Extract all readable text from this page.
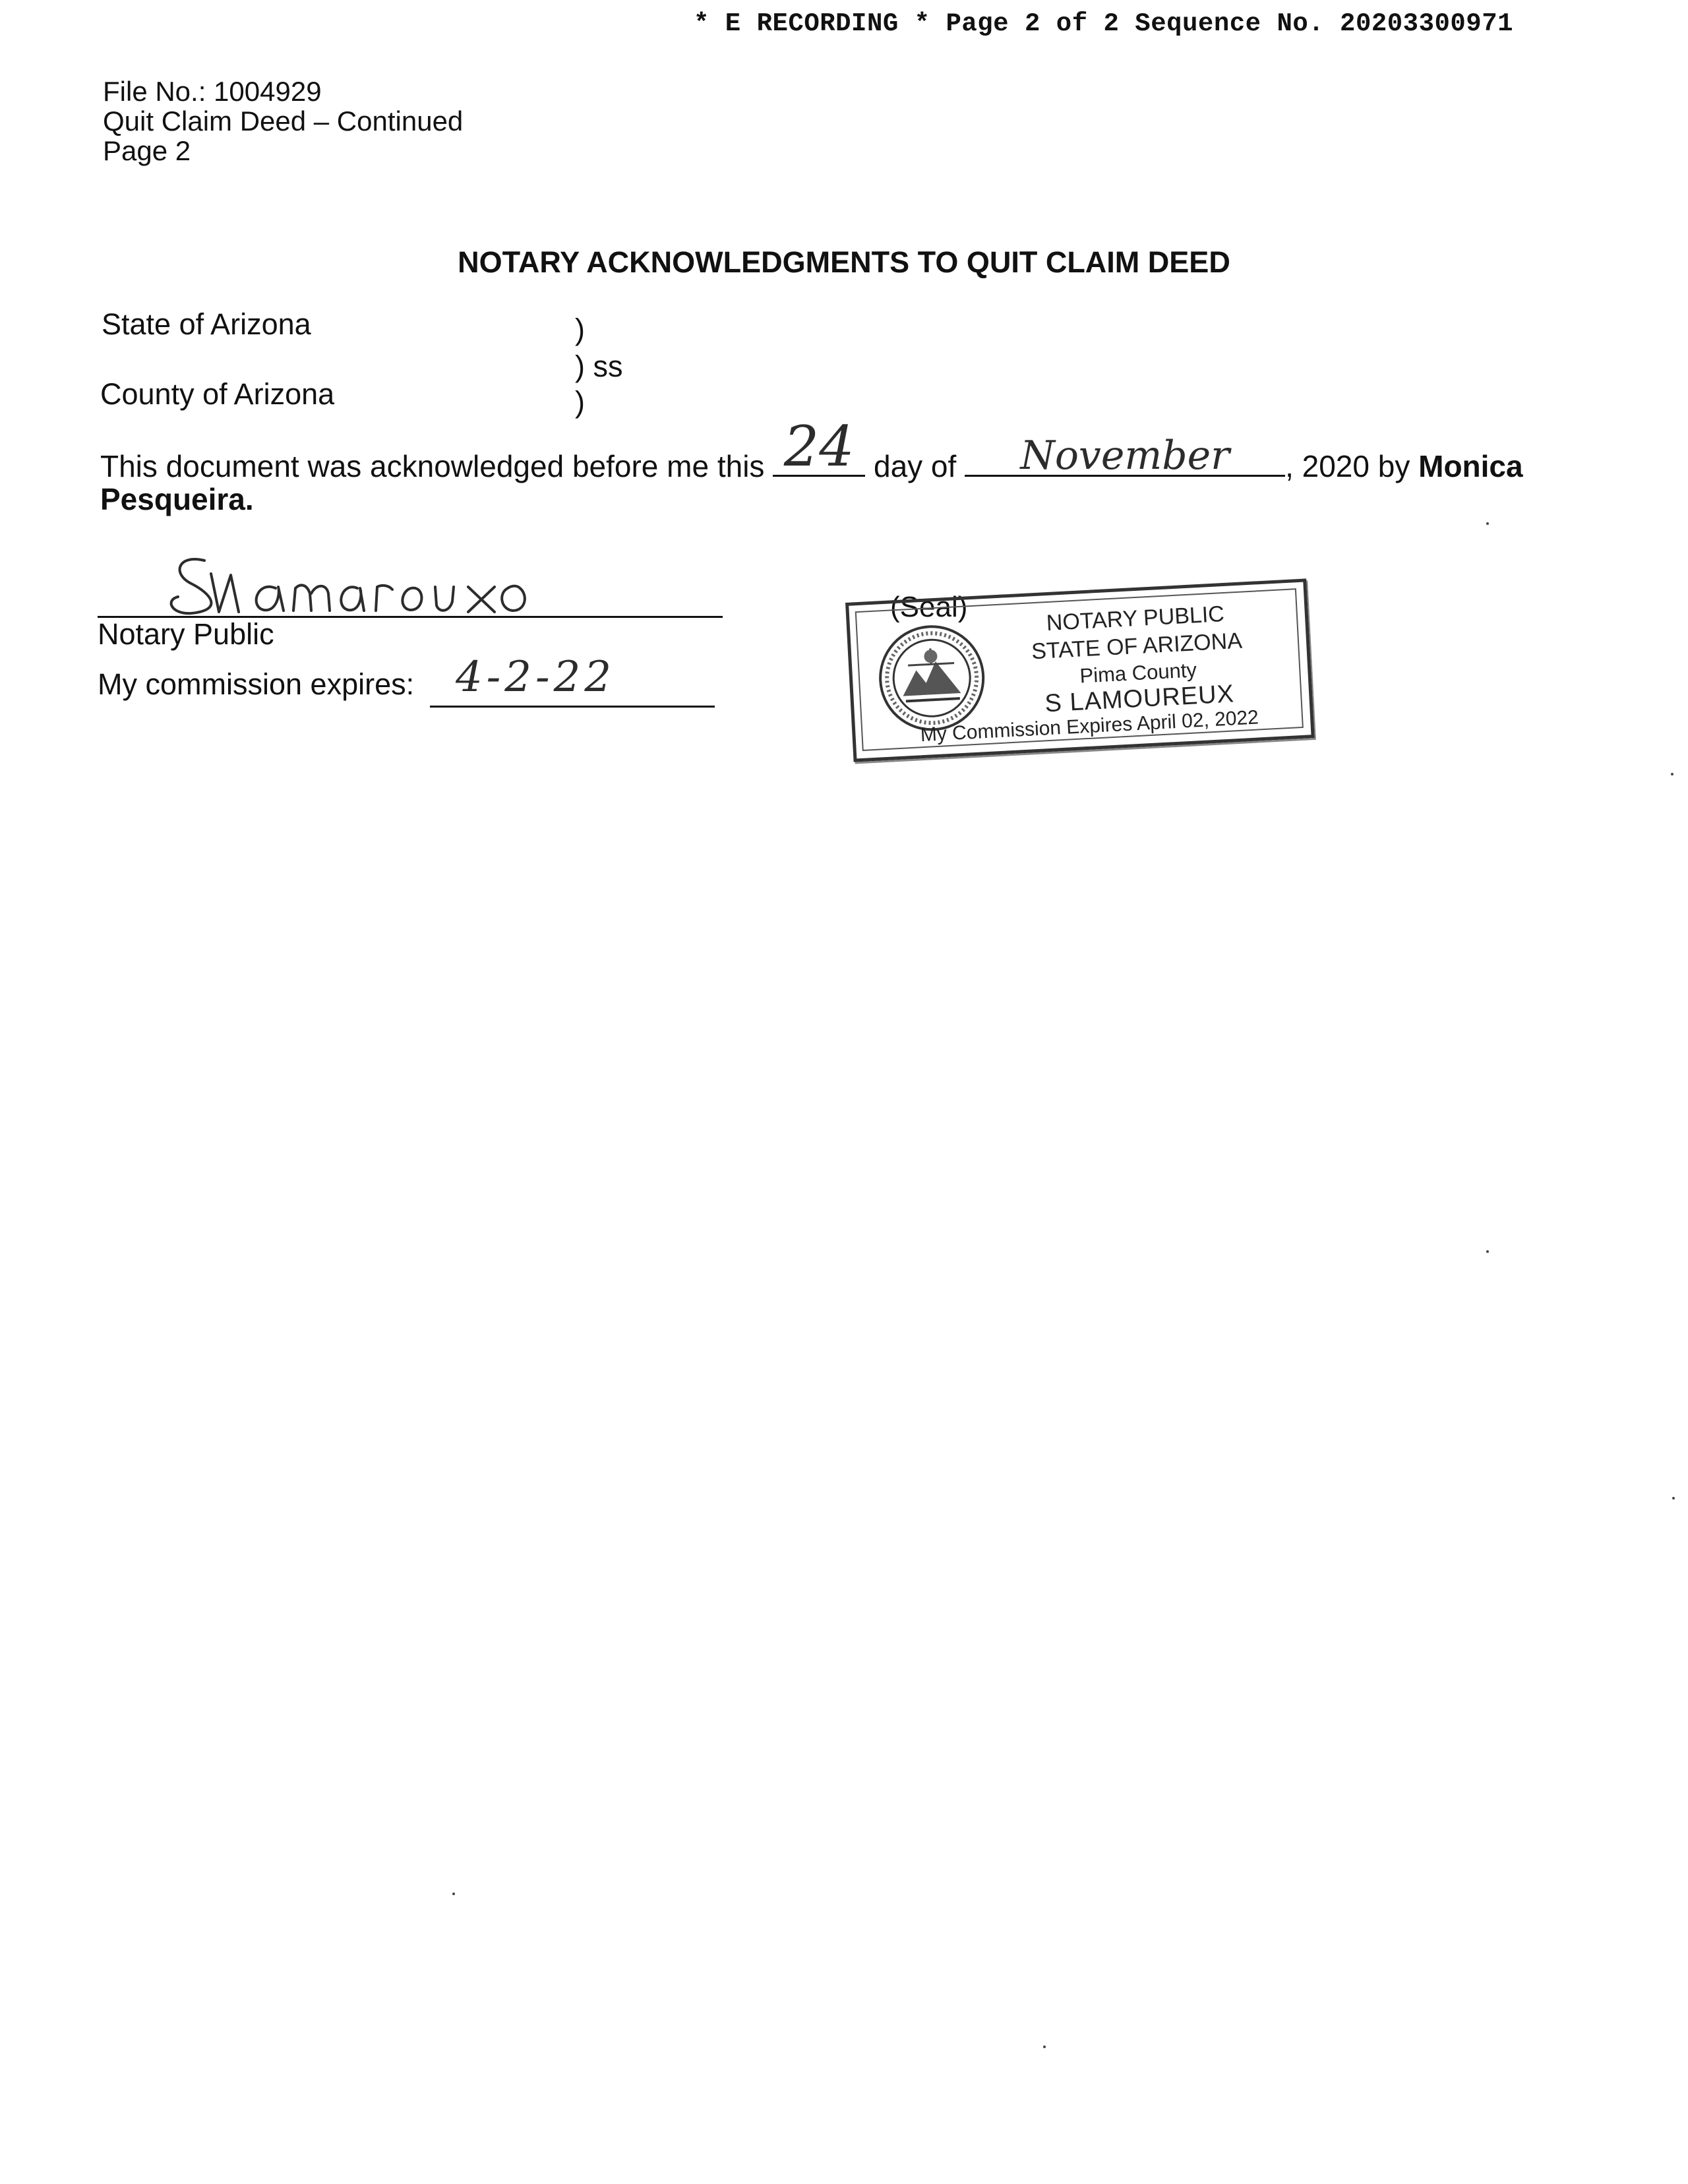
* E RECORDING * Page 2 of 2 Sequence No. 20203300971
File No.: 1004929
Quit Claim Deed – Continued
Page 2
NOTARY ACKNOWLEDGMENTS TO QUIT CLAIM DEED
State of Arizona
County of Arizona
)
) ss
)
This document was acknowledged before me this 24 day of	November	, 2020 by Monica
Pesqueira.
Notary Public
My commission expires: 4-2-22
(Seal)	NOTARY PUBLIC
STATE OF ARIZONA
Pima County
S LAMOUREUX
My Commission Expires April 02, 2022
